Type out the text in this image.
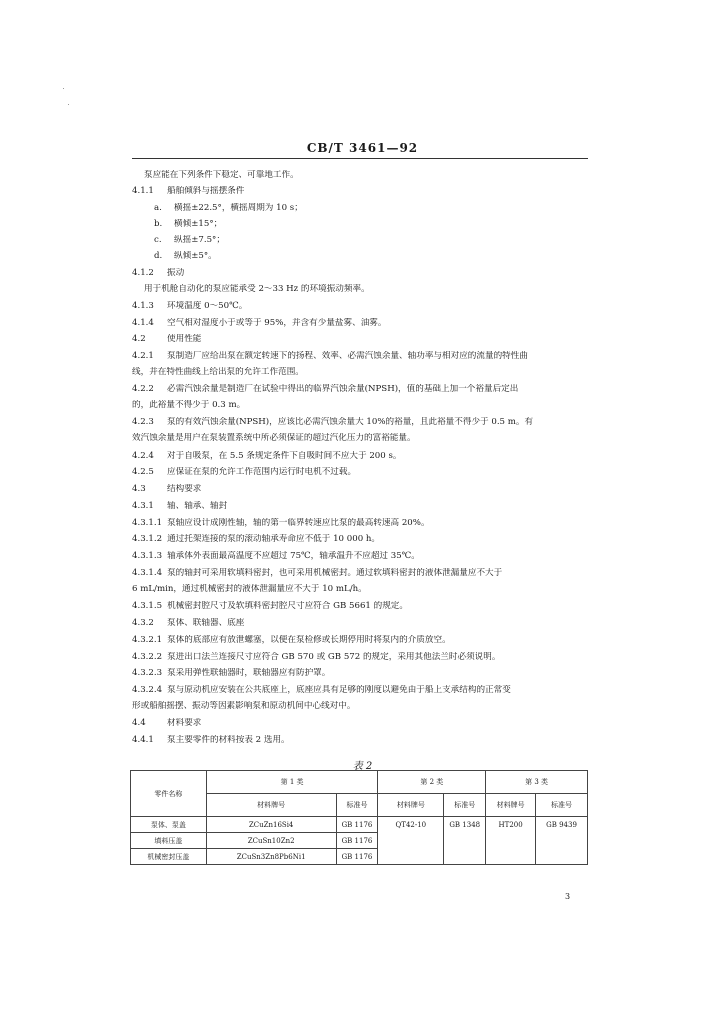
CB/T 3461—92
泵应能在下列条件下稳定、可靠地工作。
4.1.1 船舶倾斜与摇摆条件
a. 横摇±22.5°，横摇周期为 10 s；
b. 横倾±15°；
c. 纵摇±7.5°；
d. 纵倾±5°。
4.1.2 振动
用于机舱自动化的泵应能承受 2～33 Hz 的环境振动频率。
4.1.3 环境温度 0～50℃。
4.1.4 空气相对湿度小于或等于 95%，并含有少量盐雾、油雾。
4.2 使用性能
4.2.1 泵制造厂应给出泵在额定转速下的扬程、效率、必需汽蚀余量、轴功率与相对应的流量的特性曲
线，并在特性曲线上给出泵的允许工作范围。
4.2.2 必需汽蚀余量是制造厂在试验中得出的临界汽蚀余量(NPSH)，值的基础上加一个裕量后定出
的，此裕量不得少于 0.3 m。
4.2.3 泵的有效汽蚀余量(NPSH)，应该比必需汽蚀余量大 10%的裕量，且此裕量不得少于 0.5 m。有
效汽蚀余量是用户在泵装置系统中所必须保证的超过汽化压力的富裕能量。
4.2.4 对于自吸泵，在 5.5 条规定条件下自吸时间不应大于 200 s。
4.2.5 应保证在泵的允许工作范围内运行时电机不过载。
4.3 结构要求
4.3.1 轴、轴承、轴封
4.3.1.1 泵轴应设计成刚性轴，轴的第一临界转速应比泵的最高转速高 20%。
4.3.1.2 通过托架连接的泵的滚动轴承寿命应不低于 10 000 h。
4.3.1.3 轴承体外表面最高温度不应超过 75℃，轴承温升不应超过 35℃。
4.3.1.4 泵的轴封可采用软填料密封，也可采用机械密封。通过软填料密封的液体泄漏量应不大于
6 mL/min，通过机械密封的液体泄漏量应不大于 10 mL/h。
4.3.1.5 机械密封腔尺寸及软填料密封腔尺寸应符合 GB 5661 的规定。
4.3.2 泵体、联轴器、底座
4.3.2.1 泵体的底部应有放泄螺塞，以便在泵检修或长期停用时将泵内的介质放空。
4.3.2.2 泵进出口法兰连接尺寸应符合 GB 570 或 GB 572 的规定，采用其他法兰时必须说明。
4.3.2.3 泵采用弹性联轴器时，联轴器应有防护罩。
4.3.2.4 泵与原动机应安装在公共底座上，底座应具有足够的刚度以避免由于船上支承结构的正常变
形或船舶摇摆、振动等因素影响泵和原动机间中心线对中。
4.4 材料要求
4.4.1 泵主要零件的材料按表 2 选用。
表 2
零件名称	第 1 类		第 2 类		第 3 类	
	材料牌号	标准号	材料牌号	标准号	材料牌号	标准号
泵体、泵盖	ZCuZn16Si4	GB 1176	QT42-10	GB 1348	HT200	GB 9439
填料压盖	ZCuSn10Zn2	GB 1176				
机械密封压盖	ZCuSn3Zn8Pb6Ni1	GB 1176				
3
